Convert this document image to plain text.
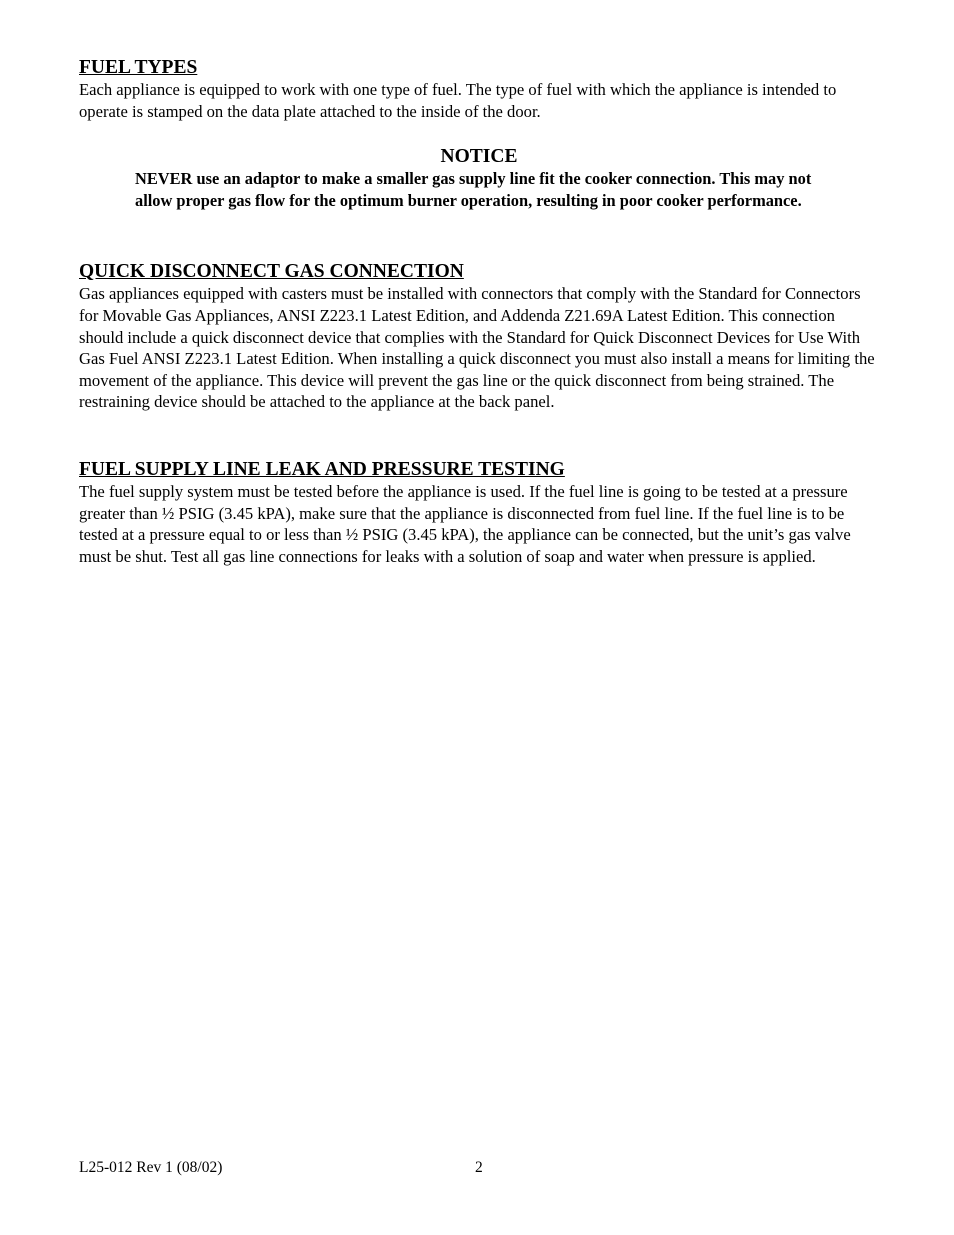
FUEL TYPES

Each appliance is equipped to work with one type of fuel. The type of fuel with which the appliance is intended to operate is stamped on the data plate attached to the inside of the door.

NOTICE

NEVER use an adaptor to make a smaller gas supply line fit the cooker connection. This may not allow proper gas flow for the optimum burner operation, resulting in poor cooker performance.

QUICK DISCONNECT GAS CONNECTION

Gas appliances equipped with casters must be installed with connectors that comply with the Standard for Connectors for Movable Gas Appliances, ANSI Z223.1 Latest Edition, and Addenda Z21.69A Latest Edition. This connection should include a quick disconnect device that complies with the Standard for Quick Disconnect Devices for Use With Gas Fuel ANSI Z223.1 Latest Edition. When installing a quick disconnect you must also install a means for limiting the movement of the appliance. This device will prevent the gas line or the quick disconnect from being strained. The restraining device should be attached to the appliance at the back panel.

FUEL SUPPLY LINE LEAK AND PRESSURE TESTING

The fuel supply system must be tested before the appliance is used. If the fuel line is going to be tested at a pressure greater than ½ PSIG (3.45 kPA), make sure that the appliance is disconnected from fuel line. If the fuel line is to be tested at a pressure equal to or less than ½ PSIG (3.45 kPA), the appliance can be connected, but the unit’s gas valve must be shut. Test all gas line connections for leaks with a solution of soap and water when pressure is applied.

L25-012 Rev 1 (08/02)	2
